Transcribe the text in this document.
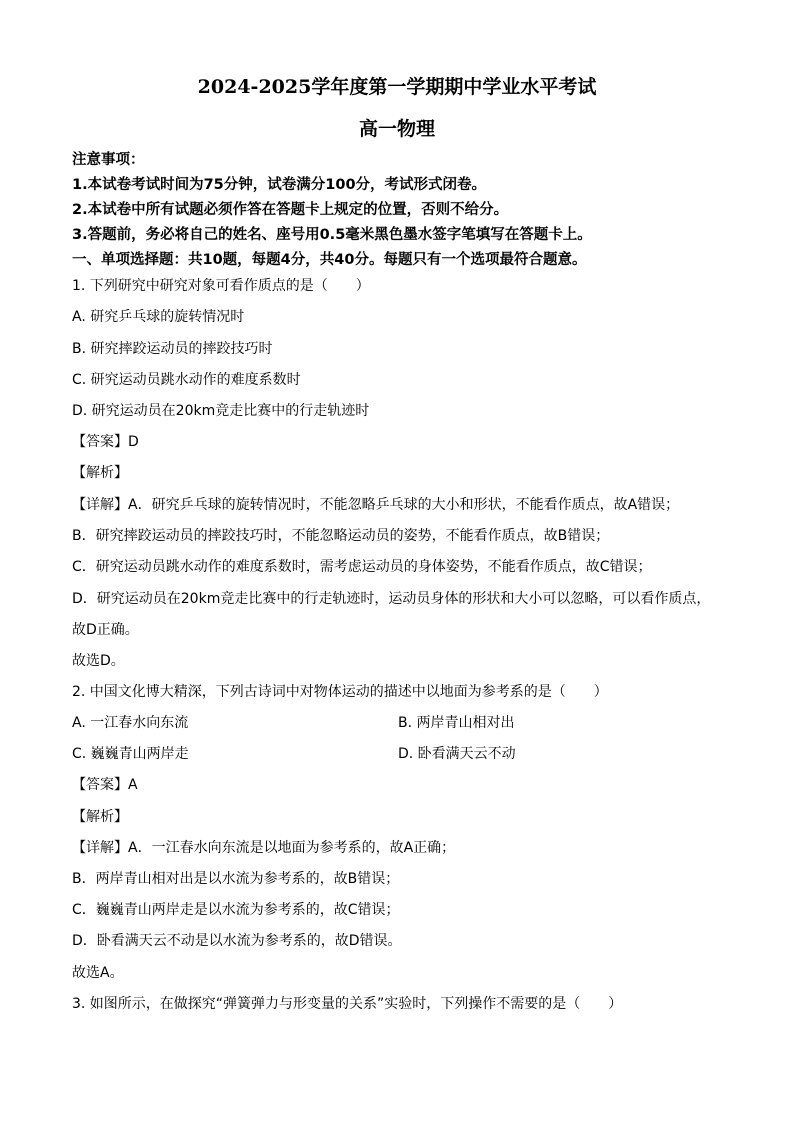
2024-2025学年度第一学期期中学业水平考试
高一物理
注意事项：
1.本试卷考试时间为75分钟，试卷满分100分，考试形式闭卷。
2.本试卷中所有试题必须作答在答题卡上规定的位置，否则不给分。
3.答题前，务必将自己的姓名、座号用0.5毫米黑色墨水签字笔填写在答题卡上。
一、单项选择题：共10题，每题4分，共40分。每题只有一个选项最符合题意。
1. 下列研究中研究对象可看作质点的是（　　）
A. 研究乒乓球的旋转情况时
B. 研究摔跤运动员的摔跤技巧时
C. 研究运动员跳水动作的难度系数时
D. 研究运动员在20km竞走比赛中的行走轨迹时
【答案】D
【解析】
【详解】A．研究乒乓球的旋转情况时，不能忽略乒乓球的大小和形状，不能看作质点，故A错误；
B．研究摔跤运动员的摔跤技巧时，不能忽略运动员的姿势，不能看作质点，故B错误；
C．研究运动员跳水动作的难度系数时，需考虑运动员的身体姿势，不能看作质点，故C错误；
D．研究运动员在20km竞走比赛中的行走轨迹时，运动员身体的形状和大小可以忽略，可以看作质点，
故D正确。
故选D。
2. 中国文化博大精深，下列古诗词中对物体运动的描述中以地面为参考系的是（　　）
A. 一江春水向东流	B. 两岸青山相对出
C. 巍巍青山两岸走	D. 卧看满天云不动
【答案】A
【解析】
【详解】A．一江春水向东流是以地面为参考系的，故A正确；
B．两岸青山相对出是以水流为参考系的，故B错误；
C．巍巍青山两岸走是以水流为参考系的，故C错误；
D．卧看满天云不动是以水流为参考系的，故D错误。
故选A。
3. 如图所示，在做探究“弹簧弹力与形变量的关系”实验时，下列操作不需要的是（　　）
